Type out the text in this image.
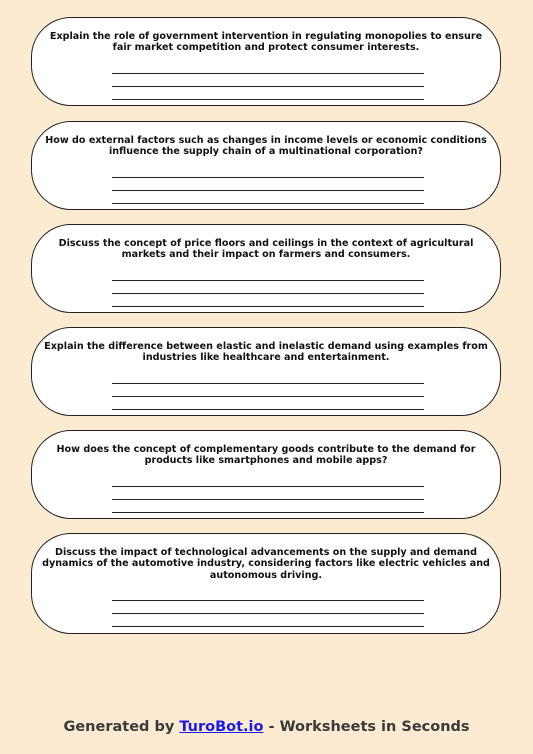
Explain the role of government intervention in regulating monopolies to ensure fair market competition and protect consumer interests.

How do external factors such as changes in income levels or economic conditions influence the supply chain of a multinational corporation?

Discuss the concept of price floors and ceilings in the context of agricultural markets and their impact on farmers and consumers.

Explain the difference between elastic and inelastic demand using examples from industries like healthcare and entertainment.

How does the concept of complementary goods contribute to the demand for products like smartphones and mobile apps?

Discuss the impact of technological advancements on the supply and demand dynamics of the automotive industry, considering factors like electric vehicles and autonomous driving.

Generated by TuroBot.io - Worksheets in Seconds
